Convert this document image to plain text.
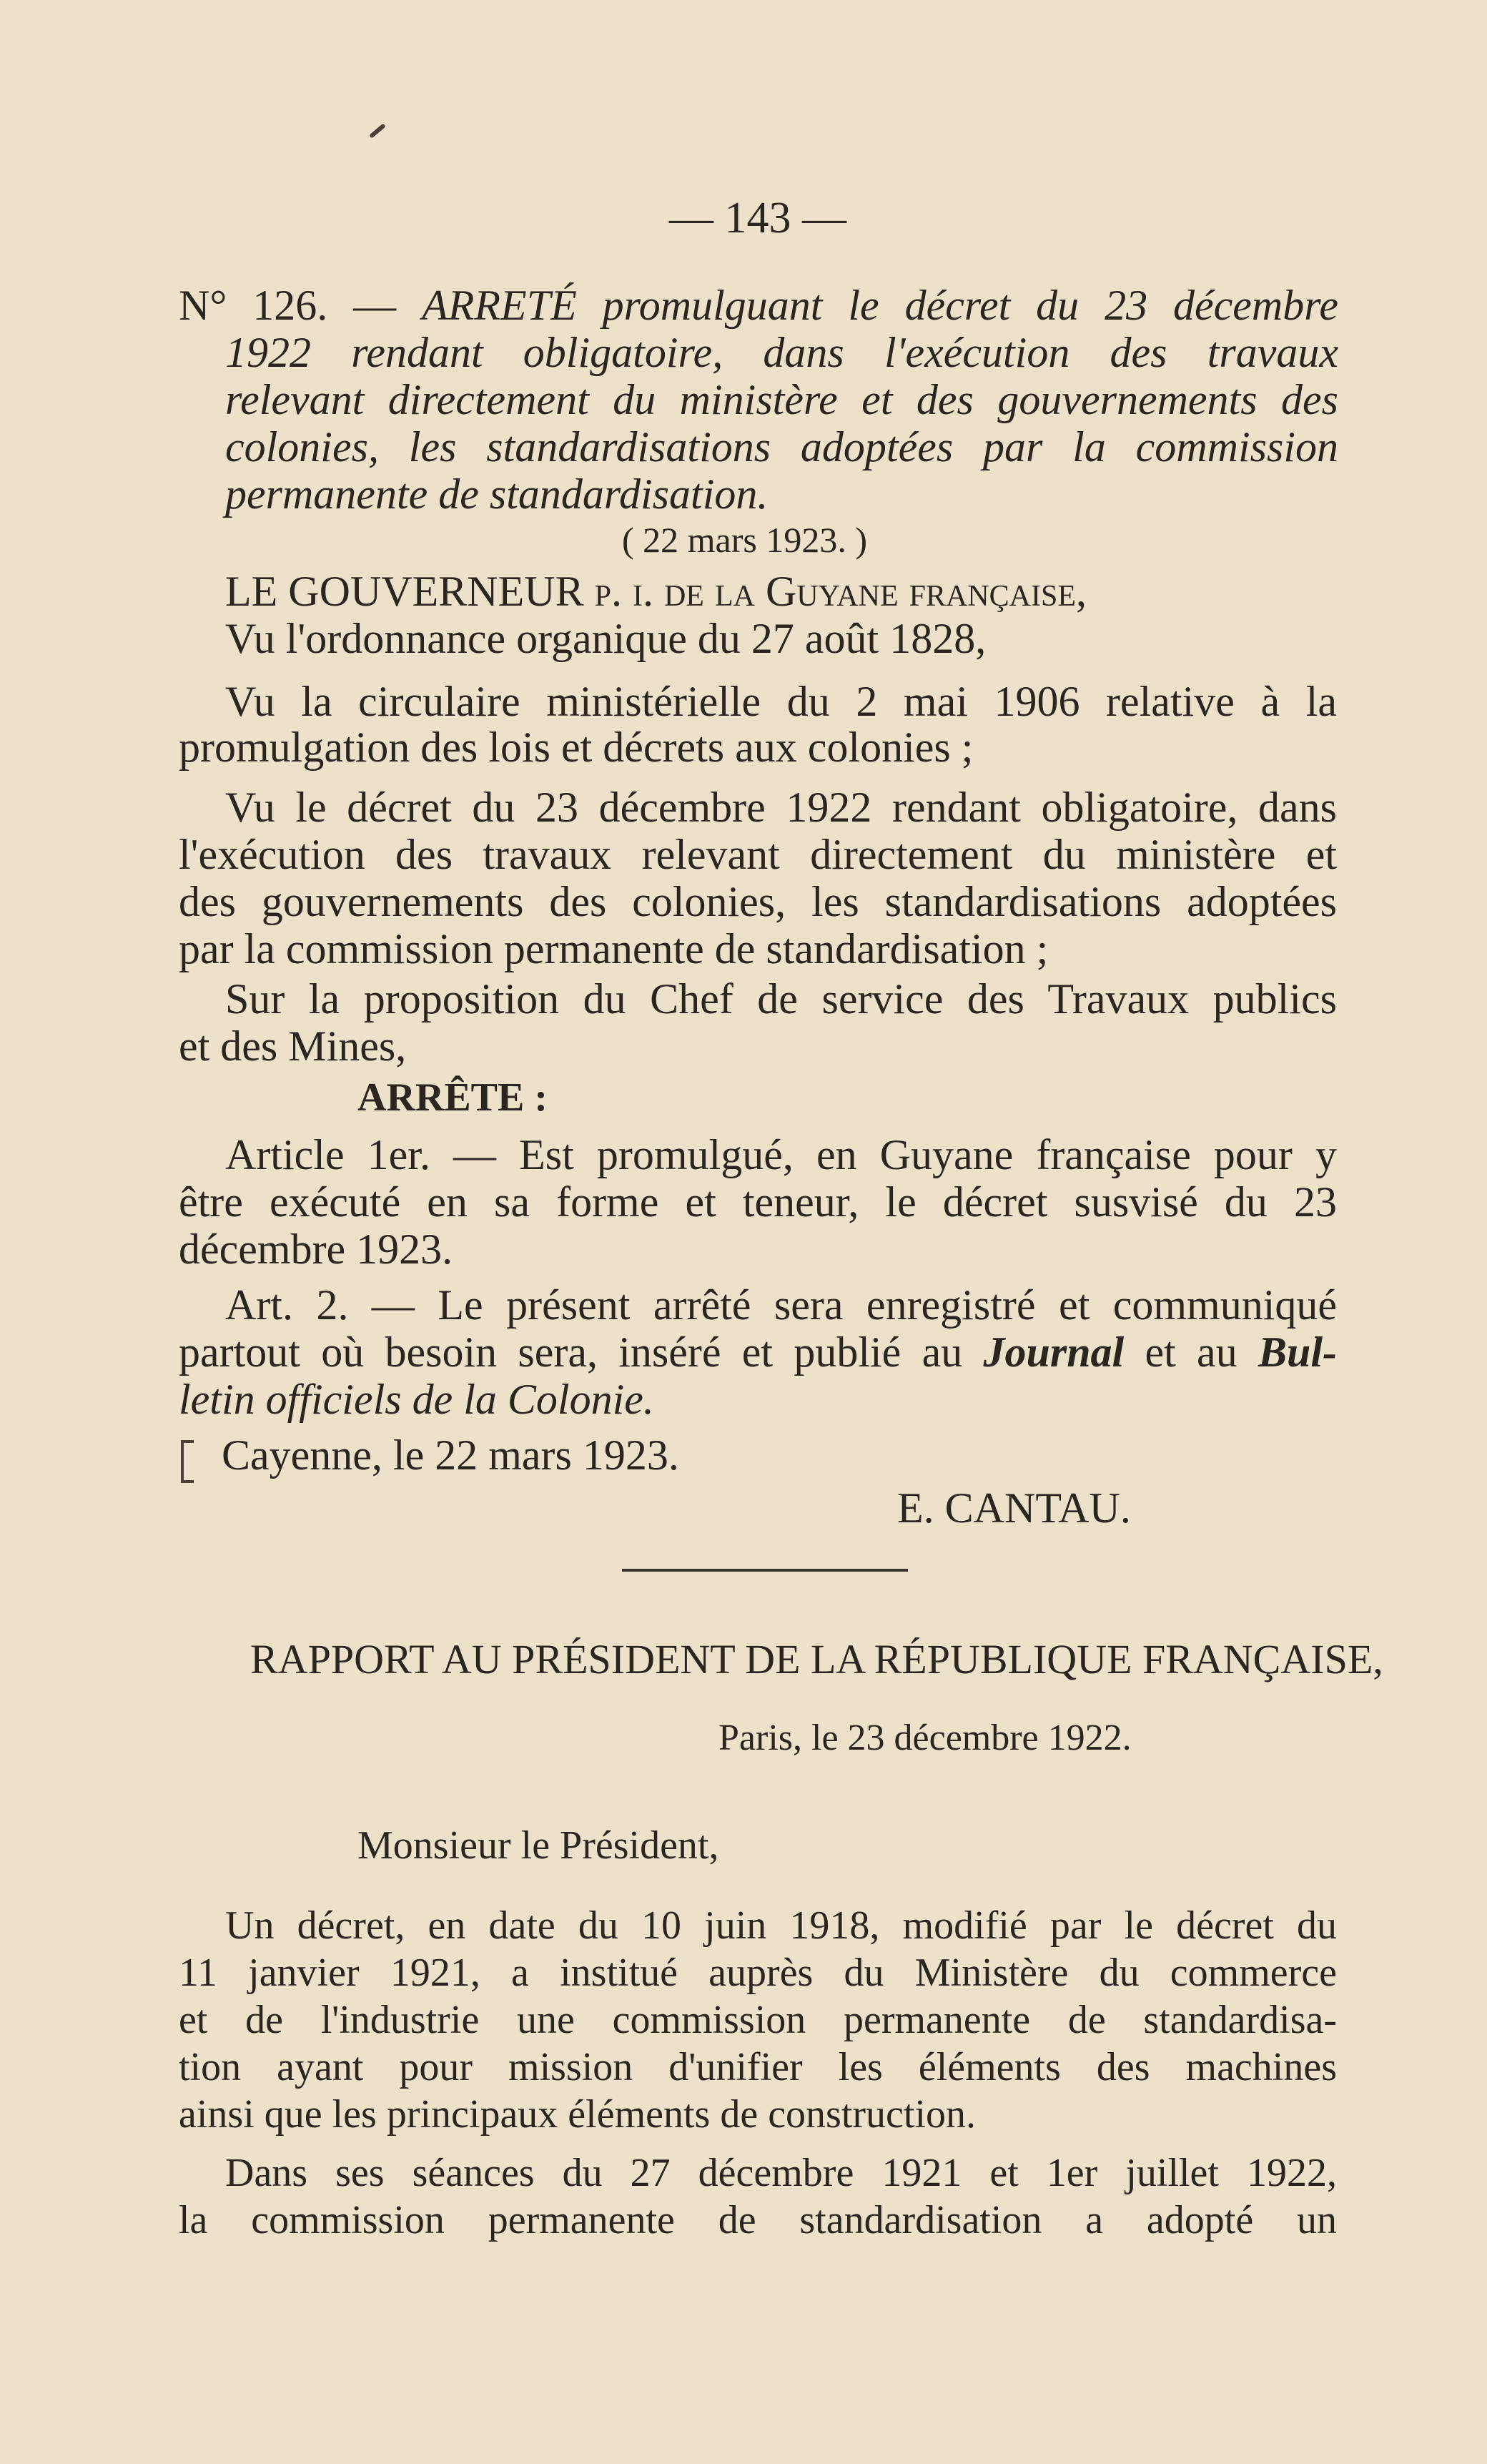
— 143 —
N° 126. — ARRETÉ promulguant le décret du 23 décembre
1922 rendant obligatoire, dans l'exécution des travaux
relevant directement du ministère et des gouvernements des
colonies, les standardisations adoptées par la commission
permanente de standardisation.
( 22 mars 1923. )
LE GOUVERNEUR p. i. de la Guyane française,
Vu l'ordonnance organique du 27 août 1828,
Vu la circulaire ministérielle du 2 mai 1906 relative à la
promulgation des lois et décrets aux colonies ;
Vu le décret du 23 décembre 1922 rendant obligatoire, dans
l'exécution des travaux relevant directement du ministère et
des gouvernements des colonies, les standardisations adoptées
par la commission permanente de standardisation ;
Sur la proposition du Chef de service des Travaux publics
et des Mines,
ARRÊTE :
Article 1er. — Est promulgué, en Guyane française pour y
être exécuté en sa forme et teneur, le décret susvisé du 23
décembre 1923.
Art. 2. — Le présent arrêté sera enregistré et communiqué
partout où besoin sera, inséré et publié au Journal et au Bul-
letin officiels de la Colonie.
Cayenne, le 22 mars 1923.
E. CANTAU.
RAPPORT AU PRÉSIDENT DE LA RÉPUBLIQUE FRANÇAISE,
Paris, le 23 décembre 1922.
Monsieur le Président,
Un décret, en date du 10 juin 1918, modifié par le décret du
11 janvier 1921, a institué auprès du Ministère du commerce
et de l'industrie une commission permanente de standardisa-
tion ayant pour mission d'unifier les éléments des machines
ainsi que les principaux éléments de construction.
Dans ses séances du 27 décembre 1921 et 1er juillet 1922,
la commission permanente de standardisation a adopté un
